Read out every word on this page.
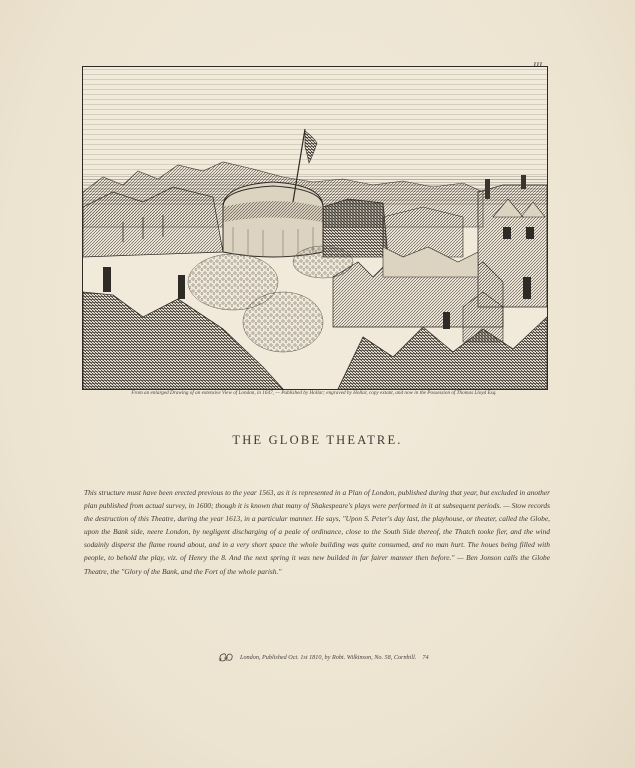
From an enlarged Drawing of an extensive View of London, in 1647, — Published by Hollar; engraved by Hollar, copy extant, and now in the Possession of Thomas Lloyd Esq.
THE GLOBE THEATRE.

This structure must have been erected previous to the year 1563, as it is represented in a Plan of London, published during that year, but excluded in another plan published from actual survey, in 1600; though it is known that many of Shakespeare's plays were performed in it at subsequent periods. — Stow records the destruction of this Theatre, during the year 1613, in a particular manner. He says, "Upon S. Peter's day last, the playhouse, or theater, called the Globe, upon the Bank side, neere London, by negligent discharging of a peale of ordinance, close to the South Side thereof, the Thatch tooke fier, and the wind sodainly disperst the flame round about, and in a very short space the whole building was quite consumed, and no man hurt. The houes being filled with people, to behold the play, viz. of Henry the 8. And the next spring it was new builded in far fairer manner then before." — Ben Jonson calls the Globe Theatre, the "Glory of the Bank, and the Fort of the whole parish."

London, Published Oct. 1st 1810, by Robt. Wilkinson, No. 58, Cornhill. 74
